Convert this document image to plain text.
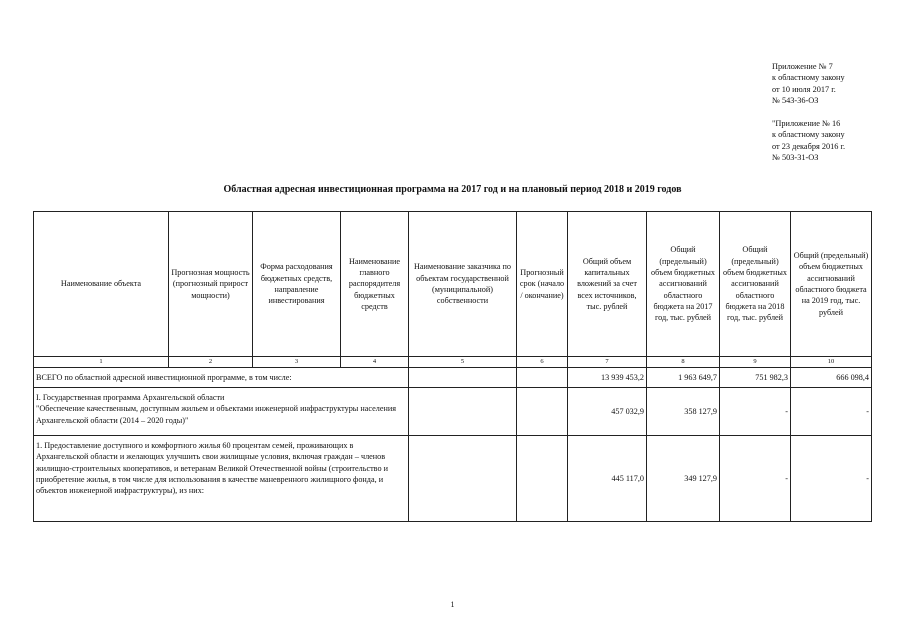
Приложение № 7
к областному закону
от 10 июля 2017 г.
№ 543-36-ОЗ
"Приложение № 16
к областному закону
от 23 декабря 2016 г.
№ 503-31-ОЗ
Областная адресная инвестиционная программа на 2017 год и на плановый период 2018 и 2019 годов
Наименование объекта	Прогнозная мощность (прогнозный прирост мощности)	Форма расходования бюджетных средств, направление инвестирования	Наименование главного распорядителя бюджетных средств	Наименование заказчика по объектам государственной (муниципальной) собственности	Прогнозный срок (начало / окончание)	Общий объем капитальных вложений за счет всех источников, тыс. рублей	Общий (предельный) объем бюджетных ассигнований областного бюджета на 2017 год, тыс. рублей	Общий (предельный) объем бюджетных ассигнований областного бюджета на 2018 год, тыс. рублей	Общий (предельный) объем бюджетных ассигнований областного бюджета на 2019 год, тыс. рублей
1	2	3	4	5	6	7	8	9	10
ВСЕГО по областной адресной инвестиционной программе, в том числе:						13 939 453,2	1 963 649,7	751 982,3	666 098,4

I. Государственная программа Архангельской области
"Обеспечение качественным, доступным жильем и объектами инженерной инфраструктуры населения Архангельской области (2014 – 2020 годы)"						457 032,9	358 127,9	-	-
1. Предоставление доступного и комфортного жилья 60 процентам семей, проживающих в Архангельской области и желающих улучшить свои жилищные условия, включая граждан – членов жилищно-строительных кооперативов, и ветеранам Великой Отечественной войны (строительство и приобретение жилья, в том числе для использования в качестве маневренного жилищного фонда, и объектов инженерной инфраструктуры), из них:						445 117,0	349 127,9	-	-
1
